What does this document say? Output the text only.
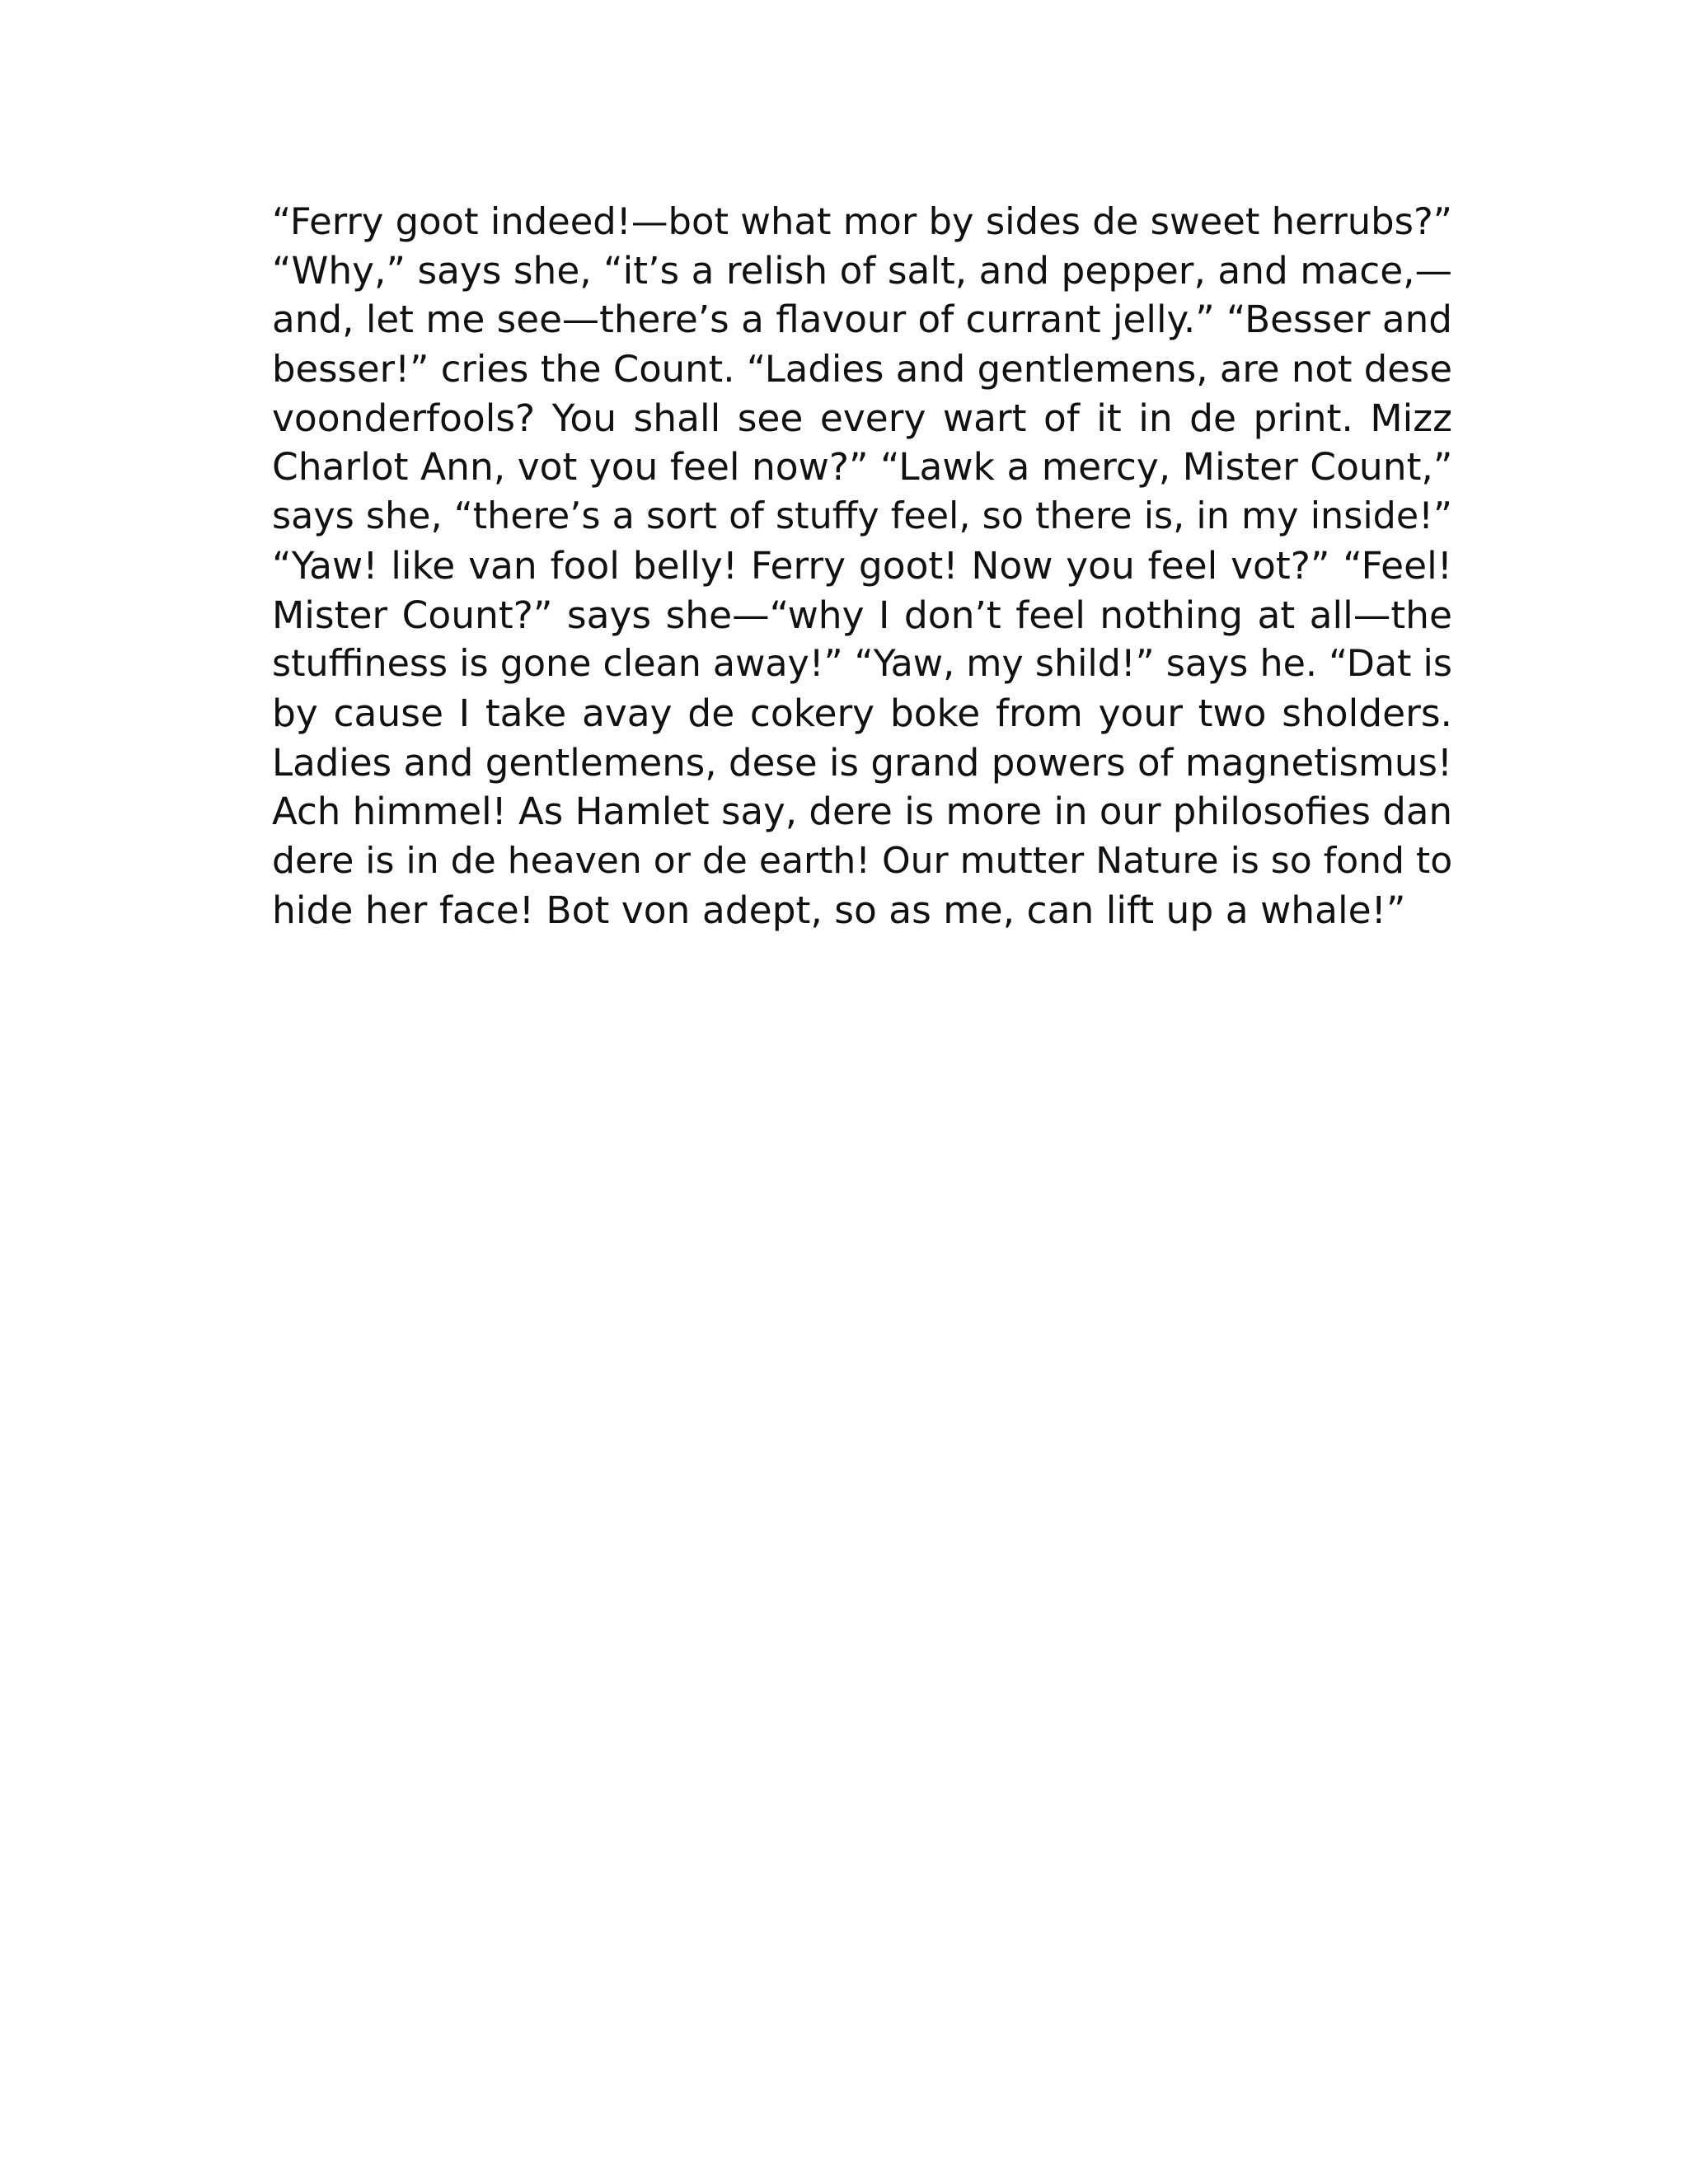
“Ferry goot indeed!—bot what mor by sides de sweet herrubs?”
“Why,” says she, “it’s a relish of salt, and pepper, and mace,—
and, let me see—there’s a flavour of currant jelly.” “Besser and
besser!” cries the Count. “Ladies and gentlemens, are not dese
voonderfools? You shall see every wart of it in de print. Mizz
Charlot Ann, vot you feel now?” “Lawk a mercy, Mister Count,”
says she, “there’s a sort of stuffy feel, so there is, in my inside!”
“Yaw! like van fool belly! Ferry goot! Now you feel vot?” “Feel!
Mister Count?” says she—“why I don’t feel nothing at all—the
stuffiness is gone clean away!” “Yaw, my shild!” says he. “Dat is
by cause I take avay de cokery boke from your two sholders.
Ladies and gentlemens, dese is grand powers of magnetismus!
Ach himmel! As Hamlet say, dere is more in our philosofies dan
dere is in de heaven or de earth! Our mutter Nature is so fond to
hide her face! Bot von adept, so as me, can lift up a whale!”
